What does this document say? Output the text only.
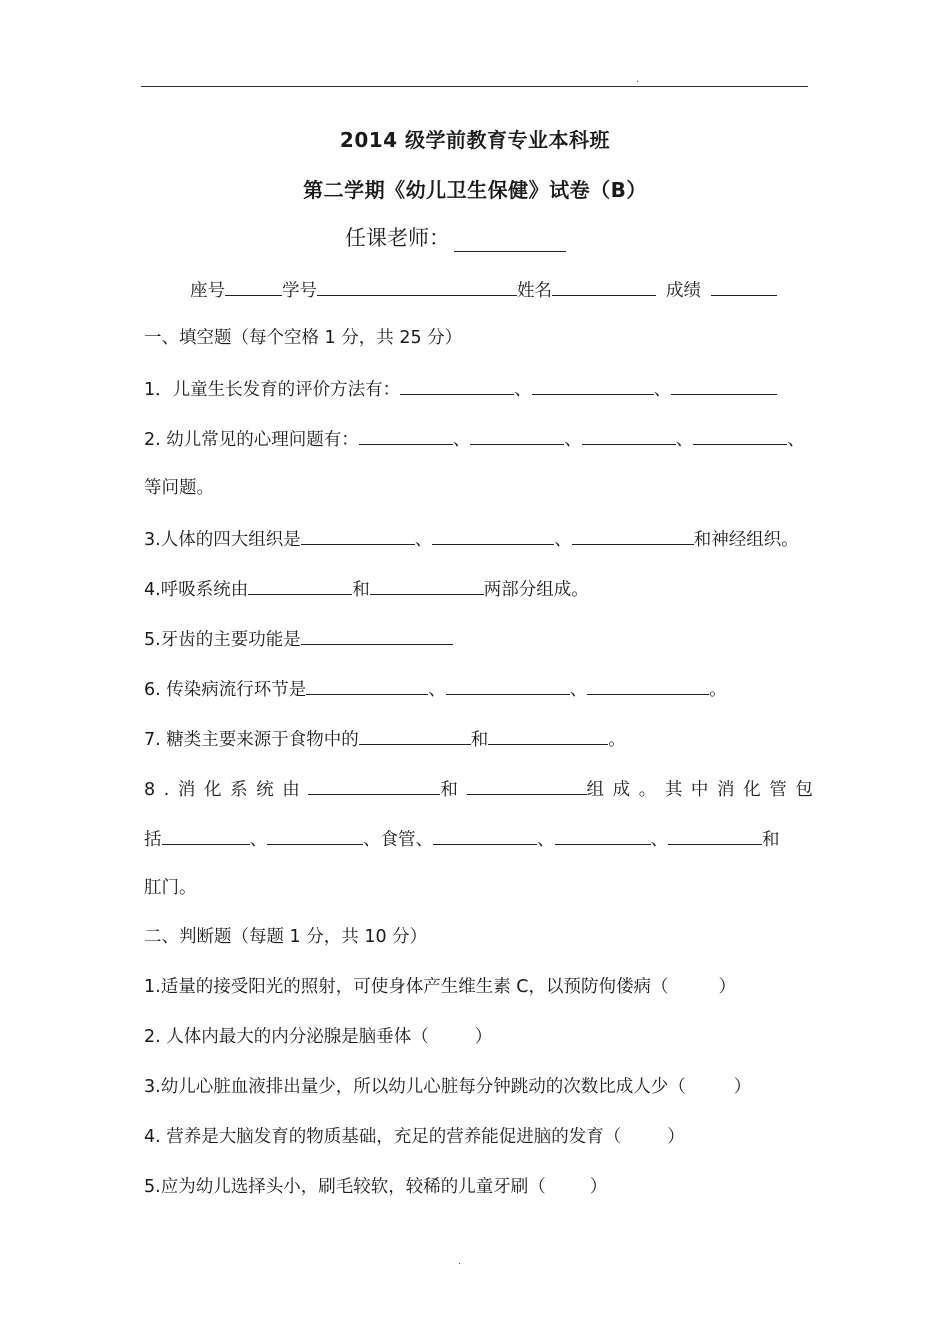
.
.
2014 级学前教育专业本科班
第二学期《幼儿卫生保健》试卷（B）
任课老师：
座号	学号	姓名	成绩
一、填空题（每个空格 1 分，共 25 分）
1．儿童生长发育的评价方法有：	、	、
2. 幼儿常见的心理问题有：	、	、	、	、
等问题。
3.人体的四大组织是	、	、	和神经组织。
4.呼吸系统由	和	两部分组成。
5.牙齿的主要功能是
6. 传染病流行环节是	、	、	。
7. 糖类主要来源于食物中的	和	。
8.消化系统由	和	组成。其中消化管包
括	、	、食管、	、	、	和
肛门。
二、判断题（每题 1 分，共 10 分）
1.适量的接受阳光的照射，可使身体产生维生素 C，以预防佝偻病（	）
2. 人体内最大的内分泌腺是脑垂体（	）
3.幼儿心脏血液排出量少，所以幼儿心脏每分钟跳动的次数比成人少（	）
4. 营养是大脑发育的物质基础，充足的营养能促进脑的发育（	）
5.应为幼儿选择头小，刷毛较软，较稀的儿童牙刷（	）
